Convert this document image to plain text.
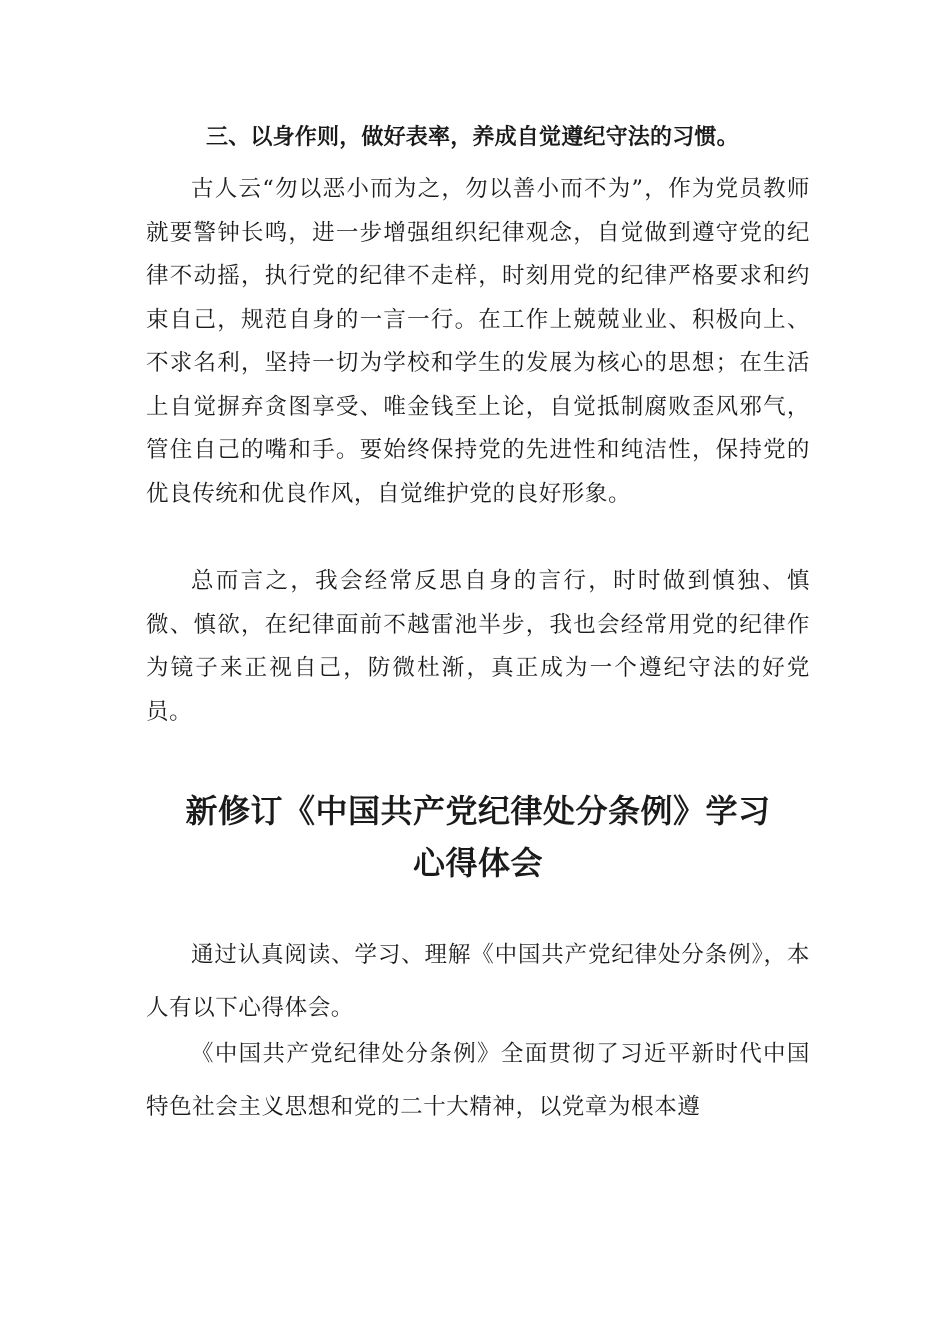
三、以身作则，做好表率，养成自觉遵纪守法的习惯。

古人云“勿以恶小而为之，勿以善小而不为”，作为党员教师就要警钟长鸣，进一步增强组织纪律观念，自觉做到遵守党的纪律不动摇，执行党的纪律不走样，时刻用党的纪律严格要求和约束自己，规范自身的一言一行。在工作上兢兢业业、积极向上、不求名利，坚持一切为学校和学生的发展为核心的思想；在生活上自觉摒弃贪图享受、唯金钱至上论，自觉抵制腐败歪风邪气，管住自己的嘴和手。要始终保持党的先进性和纯洁性，保持党的优良传统和优良作风，自觉维护党的良好形象。

总而言之，我会经常反思自身的言行，时时做到慎独、慎微、慎欲，在纪律面前不越雷池半步，我也会经常用党的纪律作为镜子来正视自己，防微杜渐，真正成为一个遵纪守法的好党员。

新修订《中国共产党纪律处分条例》学习
心得体会

通过认真阅读、学习、理解《中国共产党纪律处分条例》，本人有以下心得体会。

《中国共产党纪律处分条例》全面贯彻了习近平新时代中国特色社会主义思想和党的二十大精神，以党章为根本遵
